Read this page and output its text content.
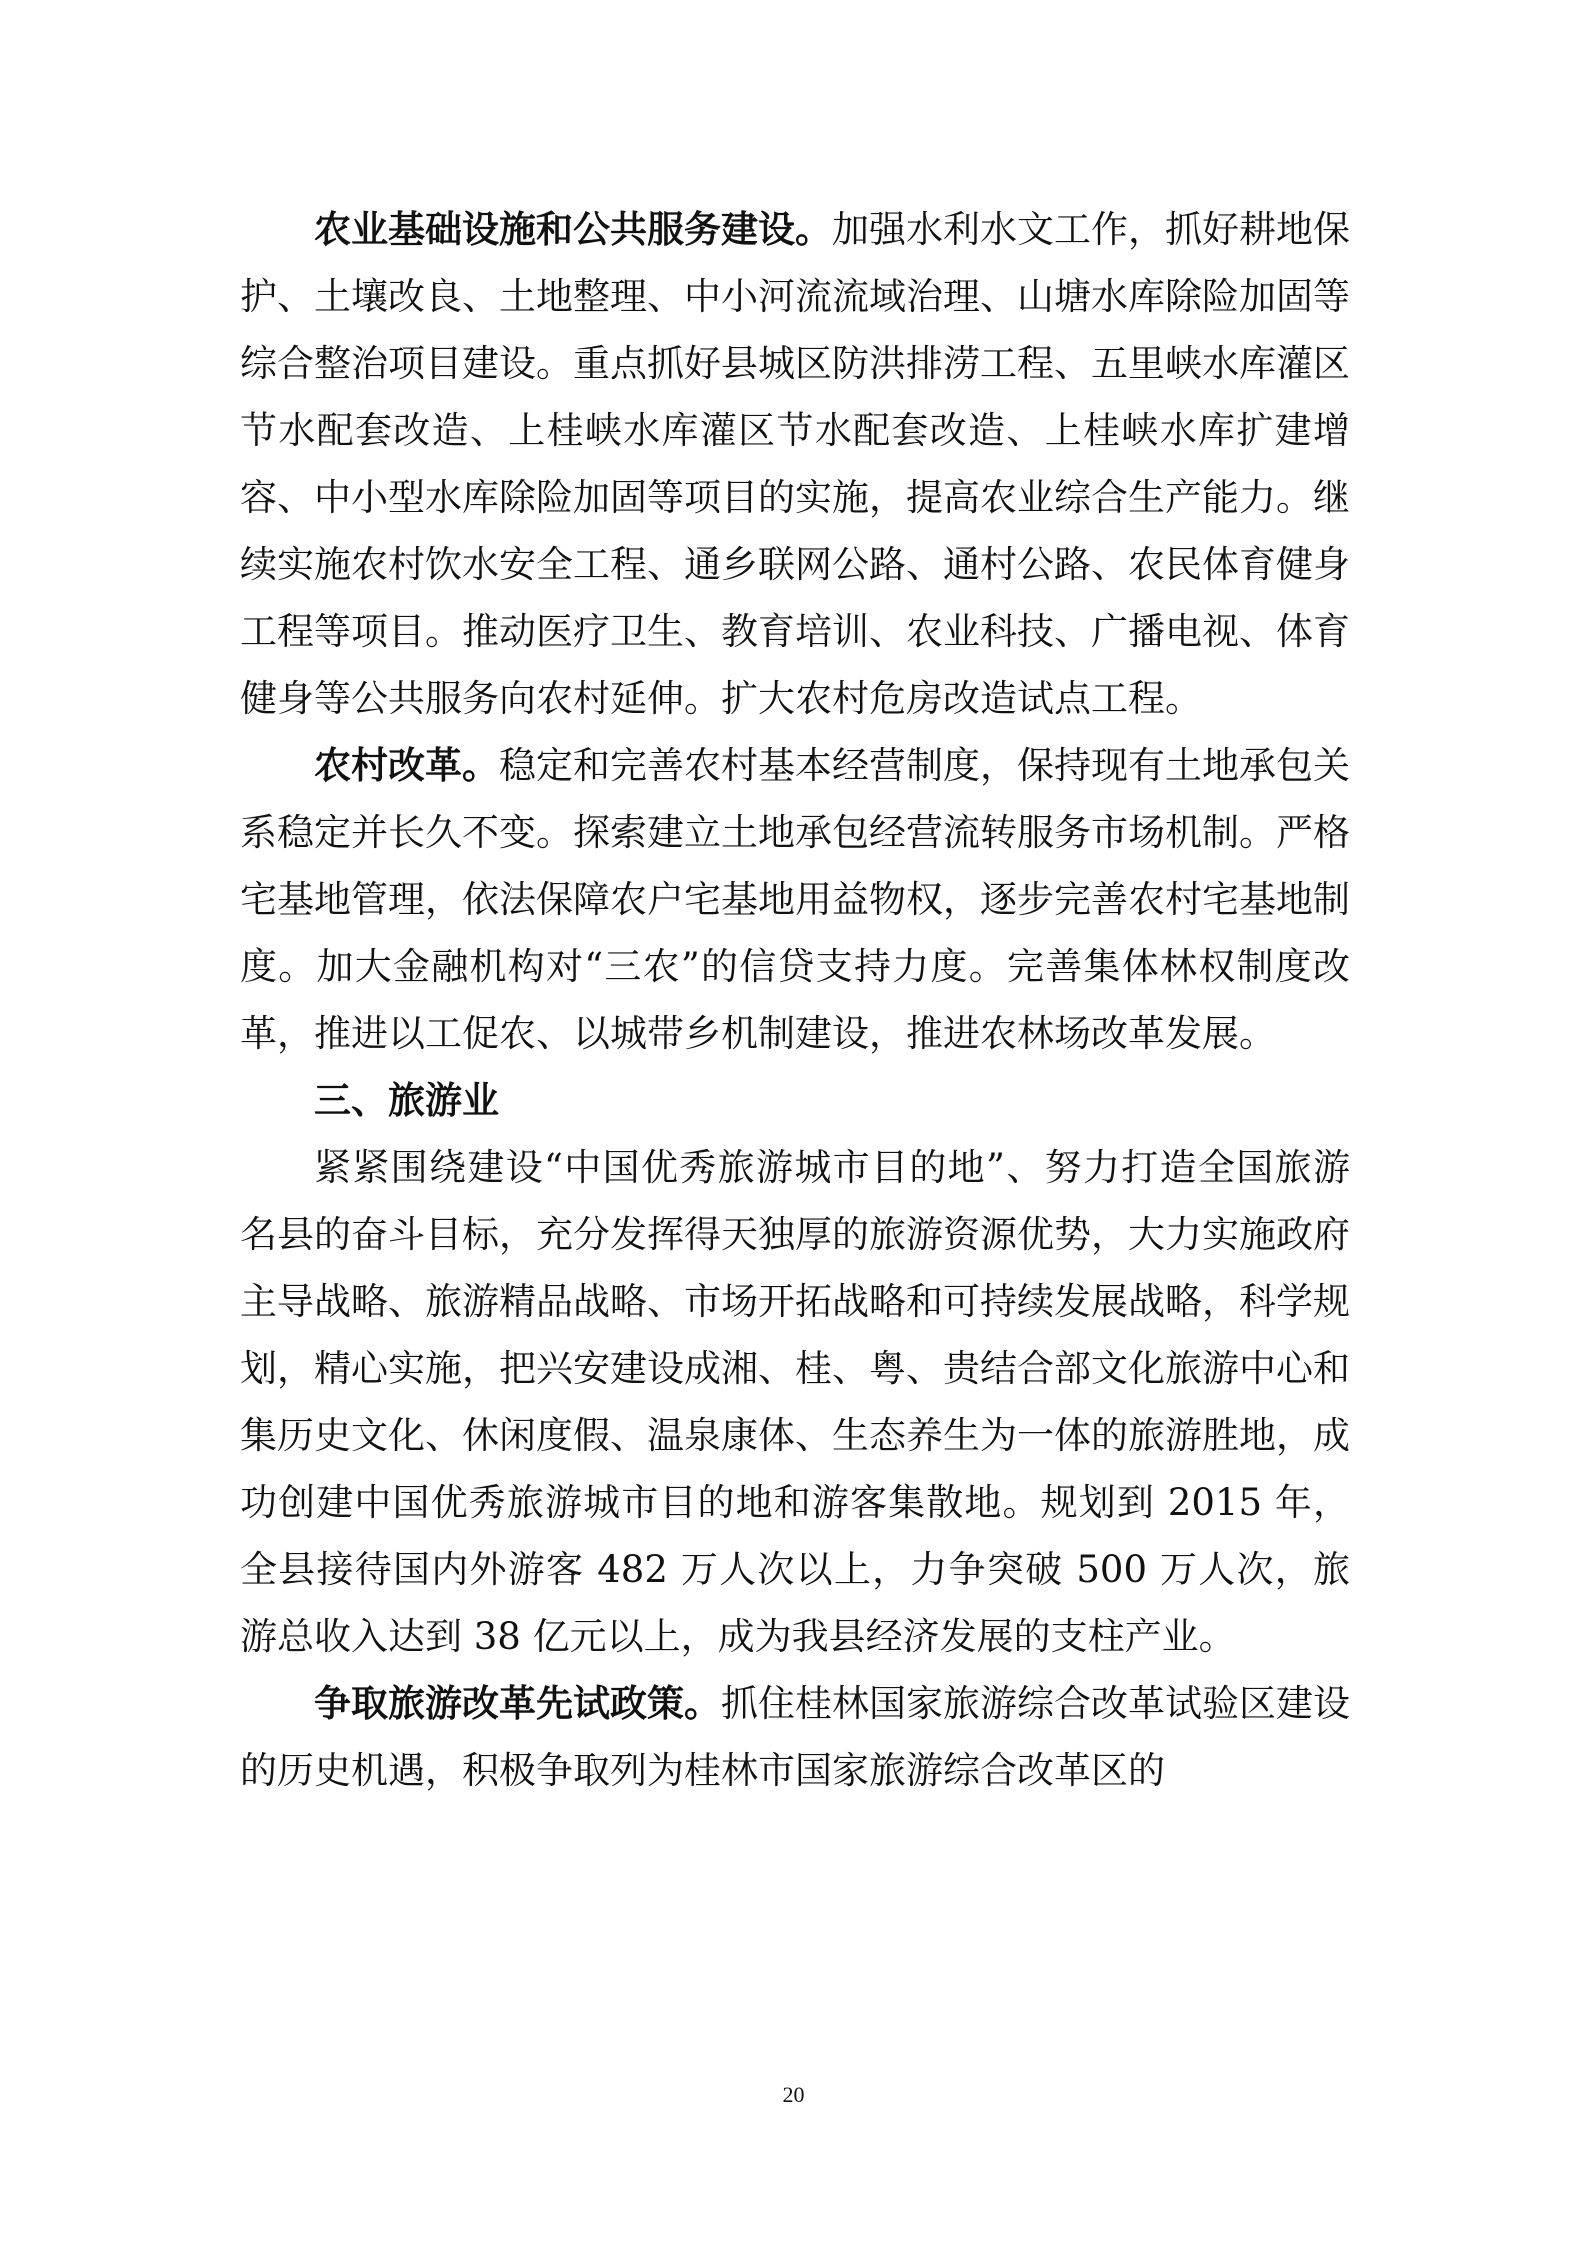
农业基础设施和公共服务建设。加强水利水文工作，抓好耕地保护、土壤改良、土地整理、中小河流流域治理、山塘水库除险加固等综合整治项目建设。重点抓好县城区防洪排涝工程、五里峡水库灌区节水配套改造、上桂峡水库灌区节水配套改造、上桂峡水库扩建增容、中小型水库除险加固等项目的实施，提高农业综合生产能力。继续实施农村饮水安全工程、通乡联网公路、通村公路、农民体育健身工程等项目。推动医疗卫生、教育培训、农业科技、广播电视、体育健身等公共服务向农村延伸。扩大农村危房改造试点工程。

农村改革。稳定和完善农村基本经营制度，保持现有土地承包关系稳定并长久不变。探索建立土地承包经营流转服务市场机制。严格宅基地管理，依法保障农户宅基地用益物权，逐步完善农村宅基地制度。加大金融机构对“三农”的信贷支持力度。完善集体林权制度改革，推进以工促农、以城带乡机制建设，推进农林场改革发展。

三、旅游业

紧紧围绕建设“中国优秀旅游城市目的地”、努力打造全国旅游名县的奋斗目标，充分发挥得天独厚的旅游资源优势，大力实施政府主导战略、旅游精品战略、市场开拓战略和可持续发展战略，科学规划，精心实施，把兴安建设成湘、桂、粤、贵结合部文化旅游中心和集历史文化、休闲度假、温泉康体、生态养生为一体的旅游胜地，成功创建中国优秀旅游城市目的地和游客集散地。规划到 2015 年，全县接待国内外游客 482 万人次以上，力争突破 500 万人次，旅游总收入达到 38 亿元以上，成为我县经济发展的支柱产业。

争取旅游改革先试政策。抓住桂林国家旅游综合改革试验区建设的历史机遇，积极争取列为桂林市国家旅游综合改革区的

20
